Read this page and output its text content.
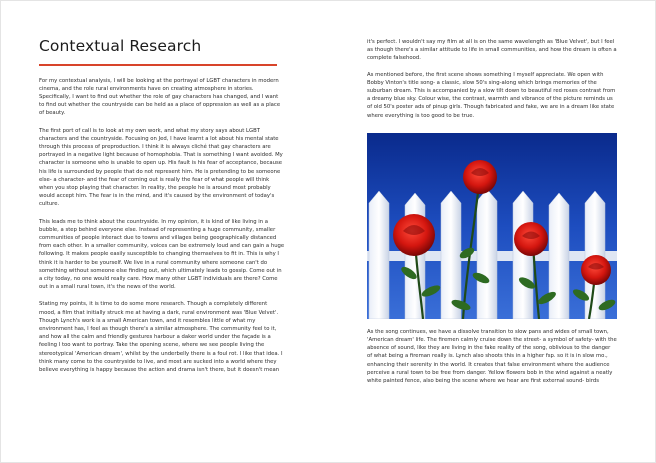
Contextual Research

For my contextual analysis, I will be looking at the portrayal of LGBT characters in modern cinema, and the role rural environments have on creating atmosphere in stories. Specifically, I want to find out whether the role of gay characters has changed, and I want to find out whether the countryside can be held as a place of oppression as well as a place of beauty.

The first port of call is to look at my own work, and what my story says about LGBT characters and the countryside. Focusing on Jed, I have learnt a lot about his mental state through this process of preproduction. I think it is always cliché that gay characters are portrayed in a negative light because of homophobia. That is something I want avoided. My character is someone who is unable to open up. His fault is his fear of acceptance, because his life is surrounded by people that do not represent him. He is pretending to be someone else- a character- and the fear of coming out is really the fear of what people will think when you stop playing that character. In reality, the people he is around most probably would accept him. The fear is in the mind, and it's caused by the environment of today's culture.

This leads me to think about the countryside. In my opinion, it is kind of like living in a bubble, a step behind everyone else. Instead of representing a huge community, smaller communities of people interact due to towns and villages being geographically distanced from each other. In a smaller community, voices can be extremely loud and can gain a huge following. It makes people easily susceptible to changing themselves to fit in. This is why I think it is harder to be yourself. We live in a rural community where someone can't do something without someone else finding out, which ultimately leads to gossip. Come out in a city today, no one would really care. How many other LGBT individuals are there? Come out in a small rural town, it's the news of the world.

Stating my points, it is time to do some more research. Though a completely different mood, a film that initially struck me at having a dark, rural environment was 'Blue Velvet'. Though Lynch's work is a small American town, and it resembles little of what my environment has, I feel as though there's a similar atmosphere. The community feel to it, and how all the calm and friendly gestures harbour a daker world under the façade is a feeling I too want to portray. Take the opening scene, where we see people living the stereotypical 'American dream', whilst by the underbelly there is a foul rot. I like that idea. I think many come to the countryside to live, and most are sucked into a world where they believe everything is happy because the action and drama isn't there, but it doesn't mean

it's perfect. I wouldn't say my film at all is on the same wavelength as 'Blue Velvet', but I feel as though there's a similar attitude to life in small communities, and how the dream is often a complete falsehood.

As mentioned before, the first scene shows something I myself appreciate. We open with Bobby Vinton's title song- a classic, slow 50's sing-along which brings memories of the suburban dream. This is accompanied by a slow tilt down to beautiful red roses contrast from a dreamy blue sky. Colour wise, the contrast, warmth and vibrance of the picture reminds us of old 50's poster ads of pinup girls. Though fabricated and fake, we are in a dream like state where everything is too good to be true.

As the song continues, we have a dissolve transition to slow pans and wides of small town, 'American dream' life. The firemen calmly cruise down the street- a symbol of safety- with the absence of sound, like they are living in the fake reality of the song, oblivious to the danger of what being a fireman really is. Lynch also shoots this in a higher fsp. so it is in slow mo., enhancing their serenity in the world. It creates that false environment where the audience perceive a rural town to be free from danger. Yellow flowers bob in the wind against a neatly white painted fence, also being the scene where we hear are first external sound- birds
